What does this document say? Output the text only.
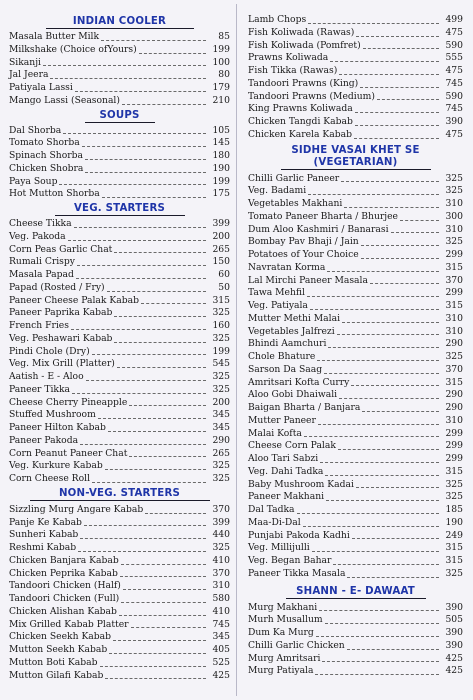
INDIAN COOLER
Masala Butter Milk	85
Milkshake (Choice ofYours)	199
Sikanji	100
Jal Jeera	80
Patiyala Lassi	179
Mango Lassi (Seasonal)	210
SOUPS
Dal Shorba	105
Tomato Shorba	145
Spinach Shorba	180
Chicken Shobra	190
Paya Soup	199
Hot Mutton Shorba	175
VEG. STARTERS
Cheese Tikka	399
Veg. Pakoda	200
Corn Peas Garlic Chat	265
Rumali Crispy	150
Masala Papad	60
Papad (Rosted / Fry)	50
Paneer Cheese Palak Kabab	315
Paneer Paprika Kabab	325
French Fries	160
Veg. Peshawari Kabab	325
Pindi Chole (Dry)	199
Veg. Mix Grill (Platter)	545
Aatish - E - Aloo	325
Paneer Tikka	325
Cheese Cherry Pineapple	200
Stuffed Mushroom	345
Paneer Hilton Kabab	345
Paneer Pakoda	290
Corn Peanut Paneer Chat	265
Veg. Kurkure Kabab	325
Corn Cheese Roll	325
NON-VEG. STARTERS
Sizzling Murg Angare Kabab	370
Panje Ke Kabab	399
Sunheri Kabab	440
Reshmi Kabab	325
Chicken Banjara Kabab	410
Chicken Peprika Kabab	370
Tandoori Chicken (Half)	310
Tandoori Chicken (Full)	580
Chicken Alishan Kabab	410
Mix Grilled Kabab Platter	745
Chicken Seekh Kabab	345
Mutton Seekh Kabab	405
Mutton Boti Kabab	525
Mutton Gilafi Kabab	425
Lamb Chops	499
Fish Koliwada (Rawas)	475
Fish Koliwada (Pomfret)	590
Prawns Koliwada	555
Fish Tikka (Rawas)	475
Tandoori Prawns (King)	745
Tandoori Prawns (Medium)	590
King Prawns Koliwada	745
Chicken Tangdi Kabab	390
Chicken Karela Kabab	475
SIDHE VASAI KHET SE
(VEGETARIAN)
Chilli Garlic Paneer	325
Veg. Badami	325
Vegetables Makhani	310
Tomato Paneer Bharta / Bhurjee	300
Dum Aloo Kashmiri / Banarasi	310
Bombay Pav Bhaji / Jain	325
Potatoes of Your Choice	299
Navratan Korma	315
Lal Mirchi Paneer Masala	370
Tawa Mehfil	299
Veg. Patiyala	315
Mutter Methi Malai	310
Vegetables Jalfrezi	310
Bhindi Aamchuri	290
Chole Bhature	325
Sarson Da Saag	370
Amritsari Kofta Curry	315
Aloo Gobi Dhaiwali	290
Baigan Bharta / Banjara	290
Mutter Paneer	310
Malai Kofta	299
Cheese Corn Palak	299
Aloo Tari Sabzi	299
Veg. Dahi Tadka	315
Baby Mushroom Kadai	325
Paneer Makhani	325
Dal Tadka	185
Maa-Di-Dal	190
Punjabi Pakoda Kadhi	249
Veg. Millijulli	315
Veg. Began Bahar	315
Paneer Tikka Masala	325
SHANN - E- DAWAAT
Murg Makhani	390
Murh Musallum	505
Dum Ka Murg	390
Chilli Garlic Chicken	390
Murg Amritsari	425
Murg Patiyala	425
